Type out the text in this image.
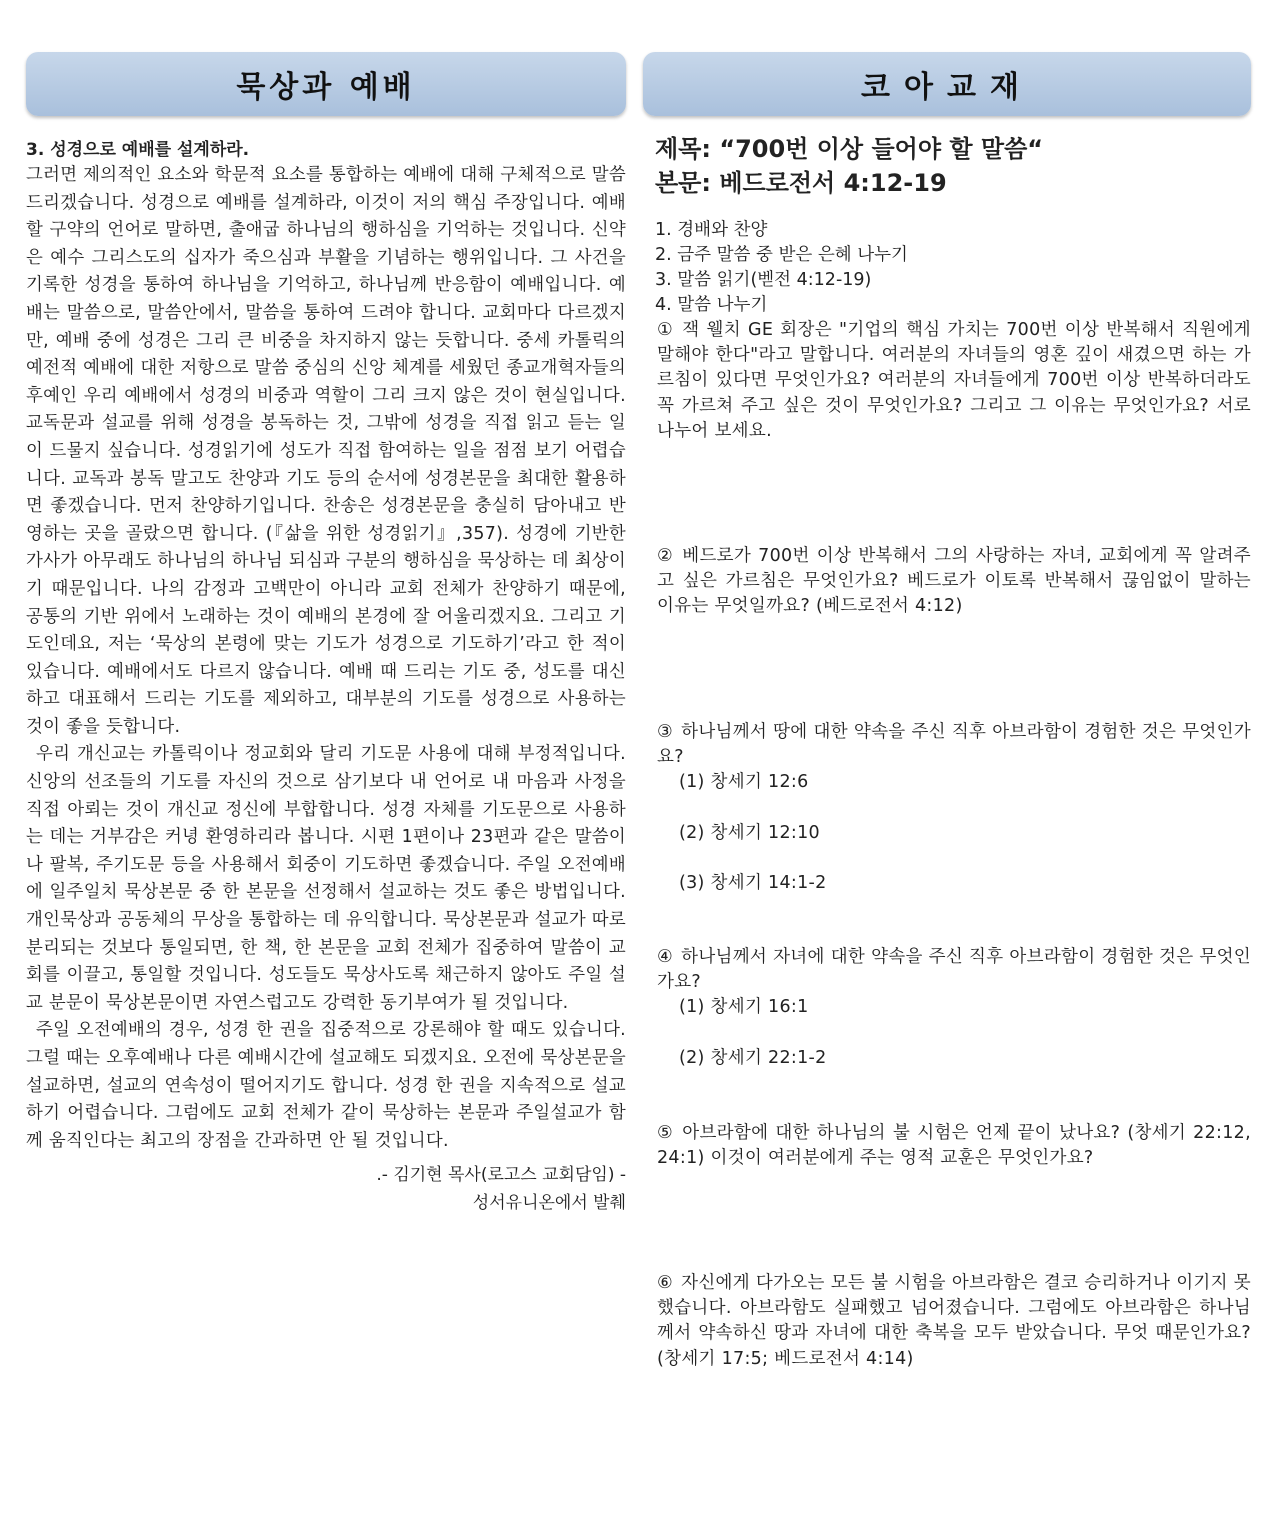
묵상과 예배
3. 성경으로 예배를 설계하라.

그러면 제의적인 요소와 학문적 요소를 통합하는 예배에 대해 구체적으로 말씀드리겠습니다. 성경으로 예배를 설계하라, 이것이 저의 핵심 주장입니다. 예배할 구약의 언어로 말하면, 출애굽 하나님의 행하심을 기억하는 것입니다. 신약은 예수 그리스도의 십자가 죽으심과 부활을 기념하는 행위입니다. 그 사건을 기록한 성경을 통하여 하나님을 기억하고, 하나님께 반응함이 예배입니다. 예배는 말씀으로, 말씀안에서, 말씀을 통하여 드려야 합니다. 교회마다 다르겠지만, 예배 중에 성경은 그리 큰 비중을 차지하지 않는 듯합니다. 중세 카톨릭의 예전적 예배에 대한 저항으로 말씀 중심의 신앙 체계를 세웠던 종교개혁자들의 후예인 우리 예배에서 성경의 비중과 역할이 그리 크지 않은 것이 현실입니다. 교독문과 설교를 위해 성경을 봉독하는 것, 그밖에 성경을 직접 읽고 듣는 일이 드물지 싶습니다. 성경읽기에 성도가 직접 함여하는 일을 점점 보기 어렵습니다. 교독과 봉독 말고도 찬양과 기도 등의 순서에 성경본문을 최대한 활용하면 좋겠습니다. 먼저 찬양하기입니다. 찬송은 성경본문을 충실히 담아내고 반영하는 곳을 골랐으면 합니다. (『삶을 위한 성경읽기』,357). 성경에 기반한 가사가 아무래도 하나님의 하나님 되심과 구분의 행하심을 묵상하는 데 최상이기 때문입니다. 나의 감정과 고백만이 아니라 교회 전체가 찬양하기 때문에, 공통의 기반 위에서 노래하는 것이 예배의 본경에 잘 어울리겠지요. 그리고 기도인데요, 저는 ‘묵상의 본령에 맞는 기도가 성경으로 기도하기’라고 한 적이 있습니다. 예배에서도 다르지 않습니다. 예배 때 드리는 기도 중, 성도를 대신하고 대표해서 드리는 기도를 제외하고, 대부분의 기도를 성경으로 사용하는 것이 좋을 듯합니다.

우리 개신교는 카톨릭이나 정교회와 달리 기도문 사용에 대해 부정적입니다. 신앙의 선조들의 기도를 자신의 것으로 삼기보다 내 언어로 내 마음과 사정을 직접 아뢰는 것이 개신교 정신에 부합합니다. 성경 자체를 기도문으로 사용하는 데는 거부감은 커녕 환영하리라 봅니다. 시편 1편이나 23편과 같은 말씀이나 팔복, 주기도문 등을 사용해서 회중이 기도하면 좋겠습니다. 주일 오전예배에 일주일치 묵상본문 중 한 본문을 선정해서 설교하는 것도 좋은 방법입니다. 개인묵상과 공동체의 무상을 통합하는 데 유익합니다. 묵상본문과 설교가 따로 분리되는 것보다 통일되면, 한 책, 한 본문을 교회 전체가 집중하여 말씀이 교회를 이끌고, 통일할 것입니다. 성도들도 묵상사도록 채근하지 않아도 주일 설교 분문이 묵상본문이면 자연스럽고도 강력한 동기부여가 될 것입니다.

주일 오전예배의 경우, 성경 한 권을 집중적으로 강론해야 할 때도 있습니다. 그럴 때는 오후예배나 다른 예배시간에 설교해도 되겠지요. 오전에 묵상본문을 설교하면, 설교의 연속성이 떨어지기도 합니다. 성경 한 권을 지속적으로 설교하기 어렵습니다. 그럼에도 교회 전체가 같이 묵상하는 본문과 주일설교가 함께 움직인다는 최고의 장점을 간과하면 안 될 것입니다.

.- 김기현 목사(로고스 교회담임) -
성서유니온에서 발췌
코아교재
제목: “700번 이상 들어야 할 말씀“
본문: 베드로전서 4:12-19
1. 경배와 찬양
2. 금주 말씀 중 받은 은혜 나누기
3. 말씀 읽기(벧전 4:12-19)
4. 말씀 나누기
① 잭 웰치 GE 회장은 "기업의 핵심 가치는 700번 이상 반복해서 직원에게 말해야 한다"라고 말합니다. 여러분의 자녀들의 영혼 깊이 새겼으면 하는 가르침이 있다면 무엇인가요? 여러분의 자녀들에게 700번 이상 반복하더라도 꼭 가르쳐 주고 싶은 것이 무엇인가요? 그리고 그 이유는 무엇인가요? 서로 나누어 보세요.
② 베드로가 700번 이상 반복해서 그의 사랑하는 자녀, 교회에게 꼭 알려주고 싶은 가르침은 무엇인가요? 베드로가 이토록 반복해서 끊임없이 말하는 이유는 무엇일까요? (베드로전서 4:12)
③ 하나님께서 땅에 대한 약속을 주신 직후 아브라함이 경험한 것은 무엇인가요?
(1) 창세기 12:6
(2) 창세기 12:10
(3) 창세기 14:1-2
④ 하나님께서 자녀에 대한 약속을 주신 직후 아브라함이 경험한 것은 무엇인가요?
(1) 창세기 16:1
(2) 창세기 22:1-2
⑤ 아브라함에 대한 하나님의 불 시험은 언제 끝이 났나요? (창세기 22:12, 24:1) 이것이 여러분에게 주는 영적 교훈은 무엇인가요?
⑥ 자신에게 다가오는 모든 불 시험을 아브라함은 결코 승리하거나 이기지 못했습니다. 아브라함도 실패했고 넘어졌습니다. 그럼에도 아브라함은 하나님께서 약속하신 땅과 자녀에 대한 축복을 모두 받았습니다. 무엇 때문인가요? (창세기 17:5; 베드로전서 4:14)
